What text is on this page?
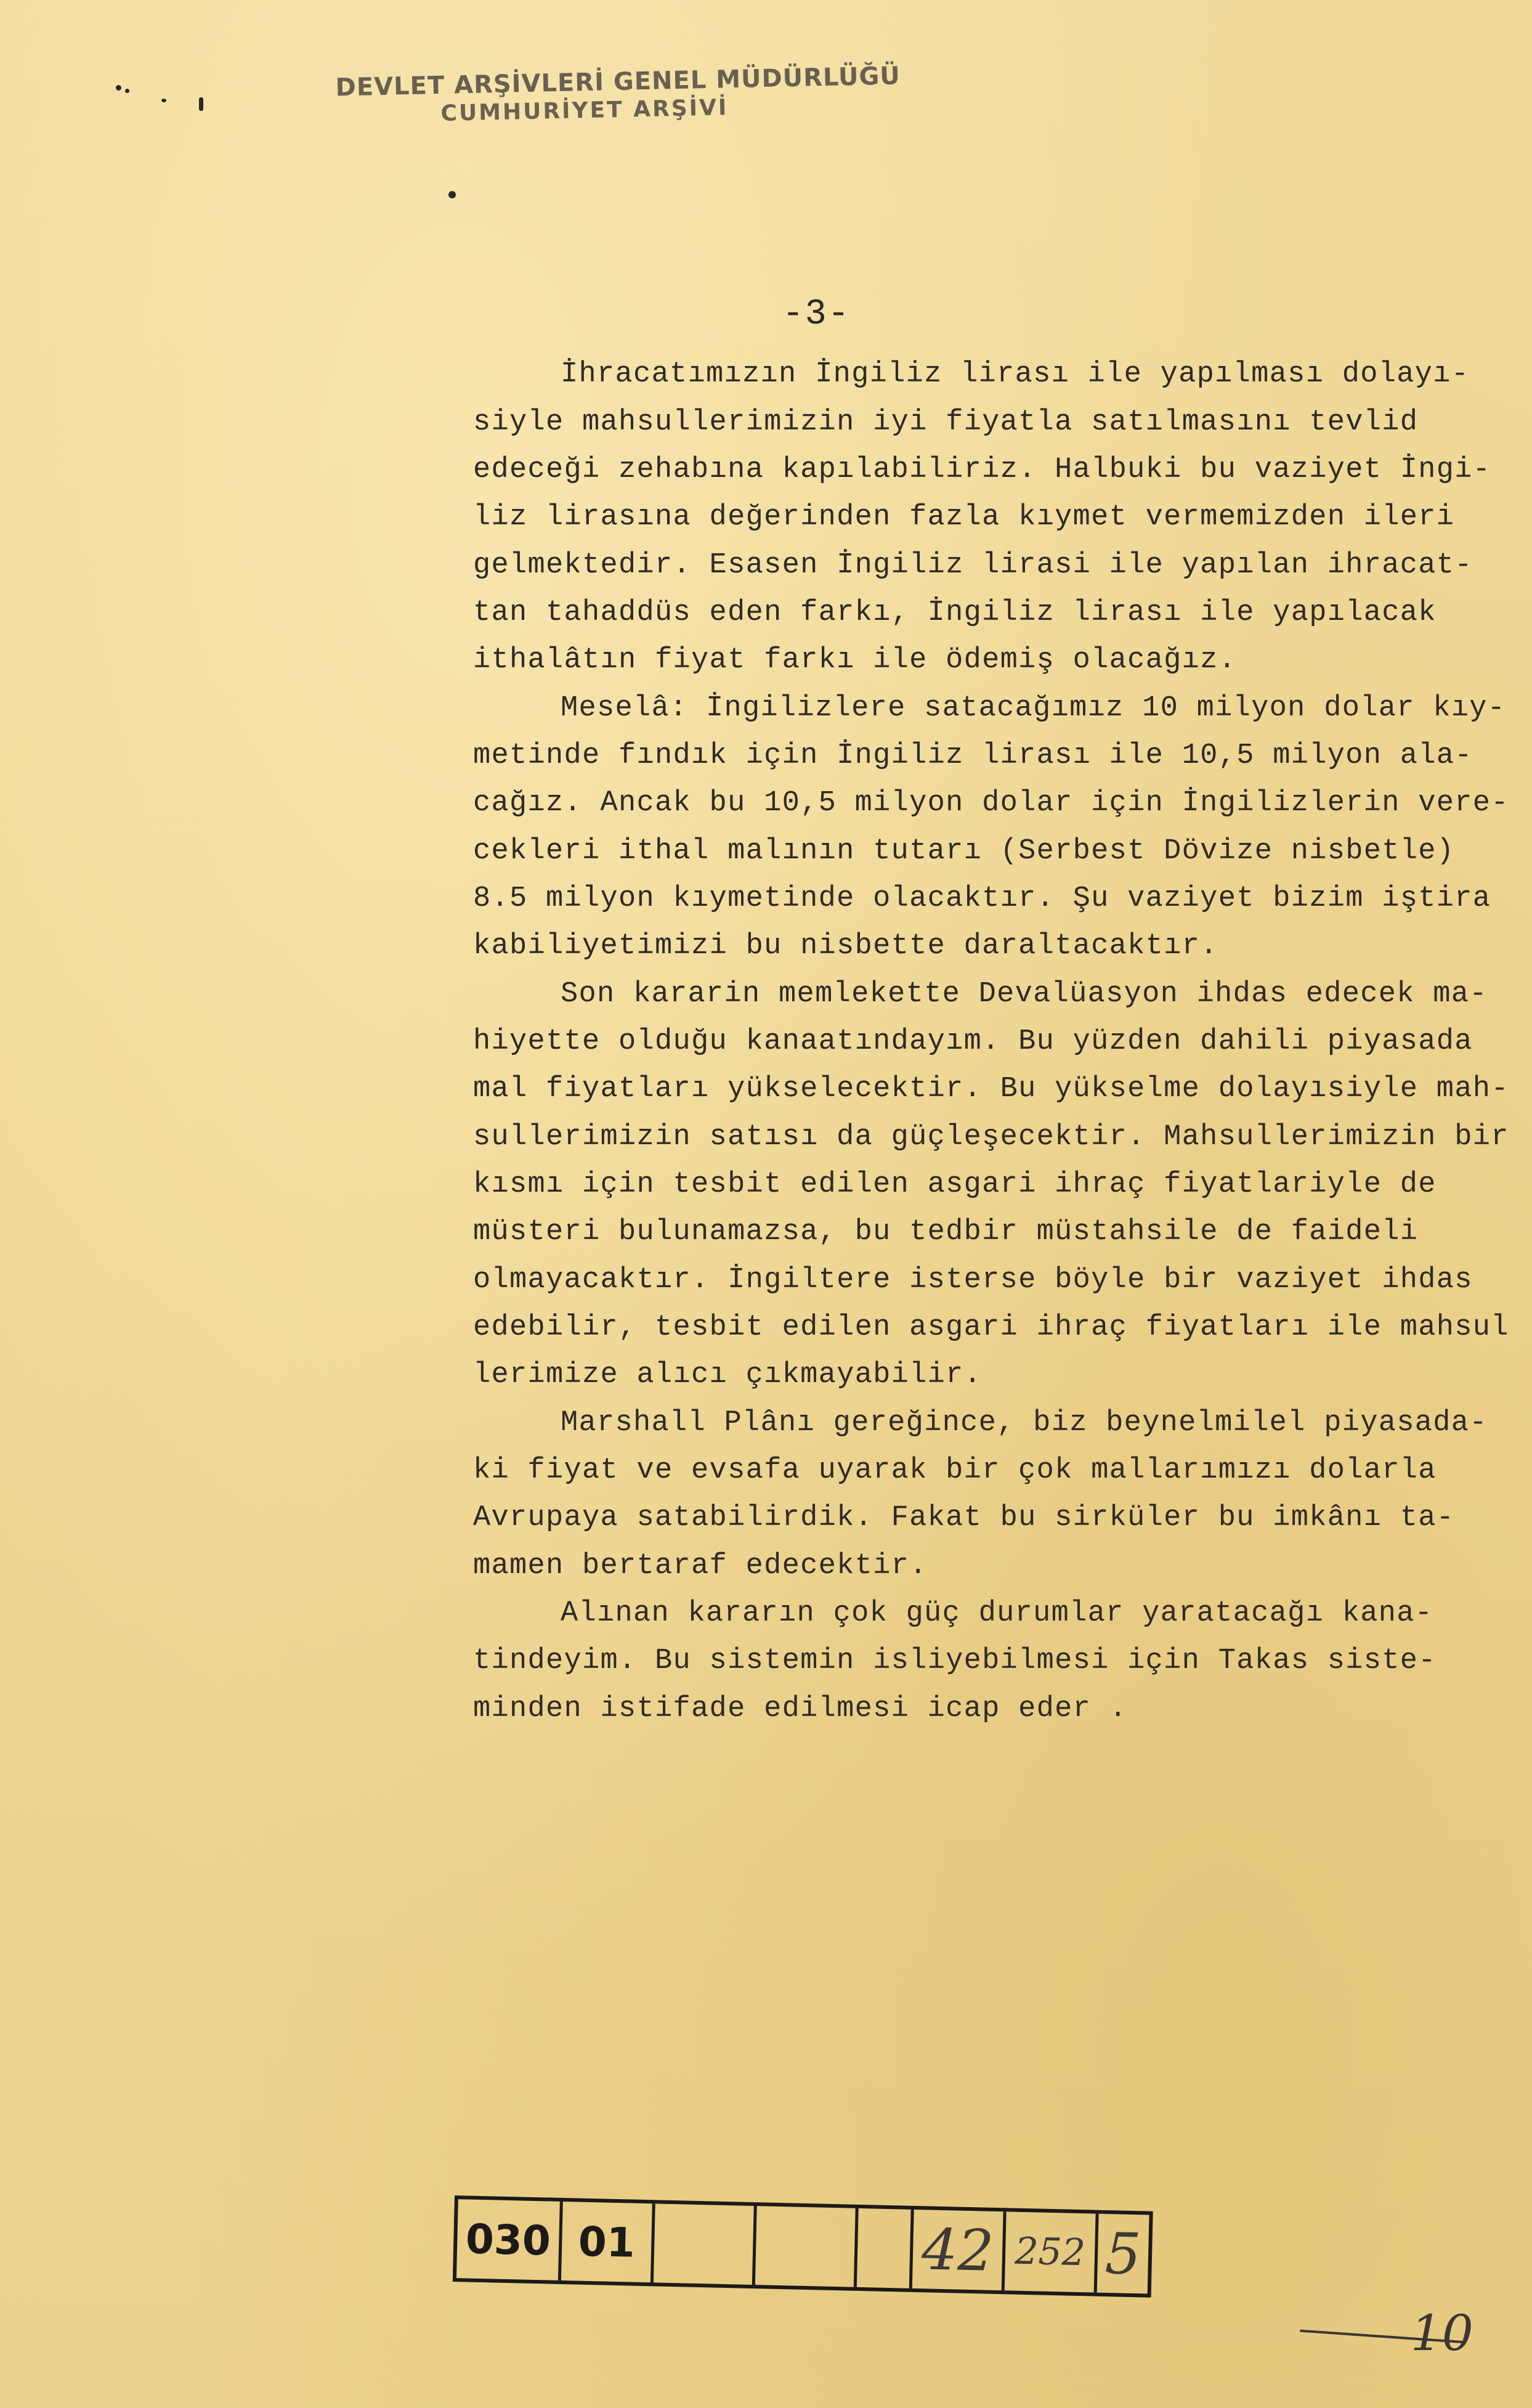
DEVLET ARŞİVLERİ GENEL MÜDÜRLÜĞÜ
CUMHURİYET ARŞİVİ
-3-
İhracatımızın İngiliz lirası ile yapılması dolayı-
siyle mahsullerimizin iyi fiyatla satılmasını tevlid
edeceği zehabına kapılabiliriz. Halbuki bu vaziyet İngi-
liz lirasına değerinden fazla kıymet vermemizden ileri
gelmektedir. Esasen İngiliz lirasi ile yapılan ihracat-
tan tahaddüs eden farkı, İngiliz lirası ile yapılacak
ithalâtın fiyat farkı ile ödemiş olacağız.
Meselâ: İngilizlere satacağımız 10 milyon dolar kıy-
metinde fındık için İngiliz lirası ile 10,5 milyon ala-
cağız. Ancak bu 10,5 milyon dolar için İngilizlerin vere-
cekleri ithal malının tutarı (Serbest Dövize nisbetle)
8.5 milyon kıymetinde olacaktır. Şu vaziyet bizim iştira
kabiliyetimizi bu nisbette daraltacaktır.
Son kararin memlekette Devalüasyon ihdas edecek ma-
hiyette olduğu kanaatındayım. Bu yüzden dahili piyasada
mal fiyatları yükselecektir. Bu yükselme dolayısiyle mah-
sullerimizin satısı da güçleşecektir. Mahsullerimizin bir
kısmı için tesbit edilen asgari ihraç fiyatlariyle de
müsteri bulunamazsa, bu tedbir müstahsile de faideli
olmayacaktır. İngiltere isterse böyle bir vaziyet ihdas
edebilir, tesbit edilen asgari ihraç fiyatları ile mahsul
lerimize alıcı çıkmayabilir.
Marshall Plânı gereğince, biz beynelmilel piyasada-
ki fiyat ve evsafa uyarak bir çok mallarımızı dolarla
Avrupaya satabilirdik. Fakat bu sirküler bu imkânı ta-
mamen bertaraf edecektir.
Alınan kararın çok güç durumlar yaratacağı kana-
tindeyim. Bu sistemin isliyebilmesi için Takas siste-
minden istifade edilmesi icap eder .
030 01	42 252 5
10
